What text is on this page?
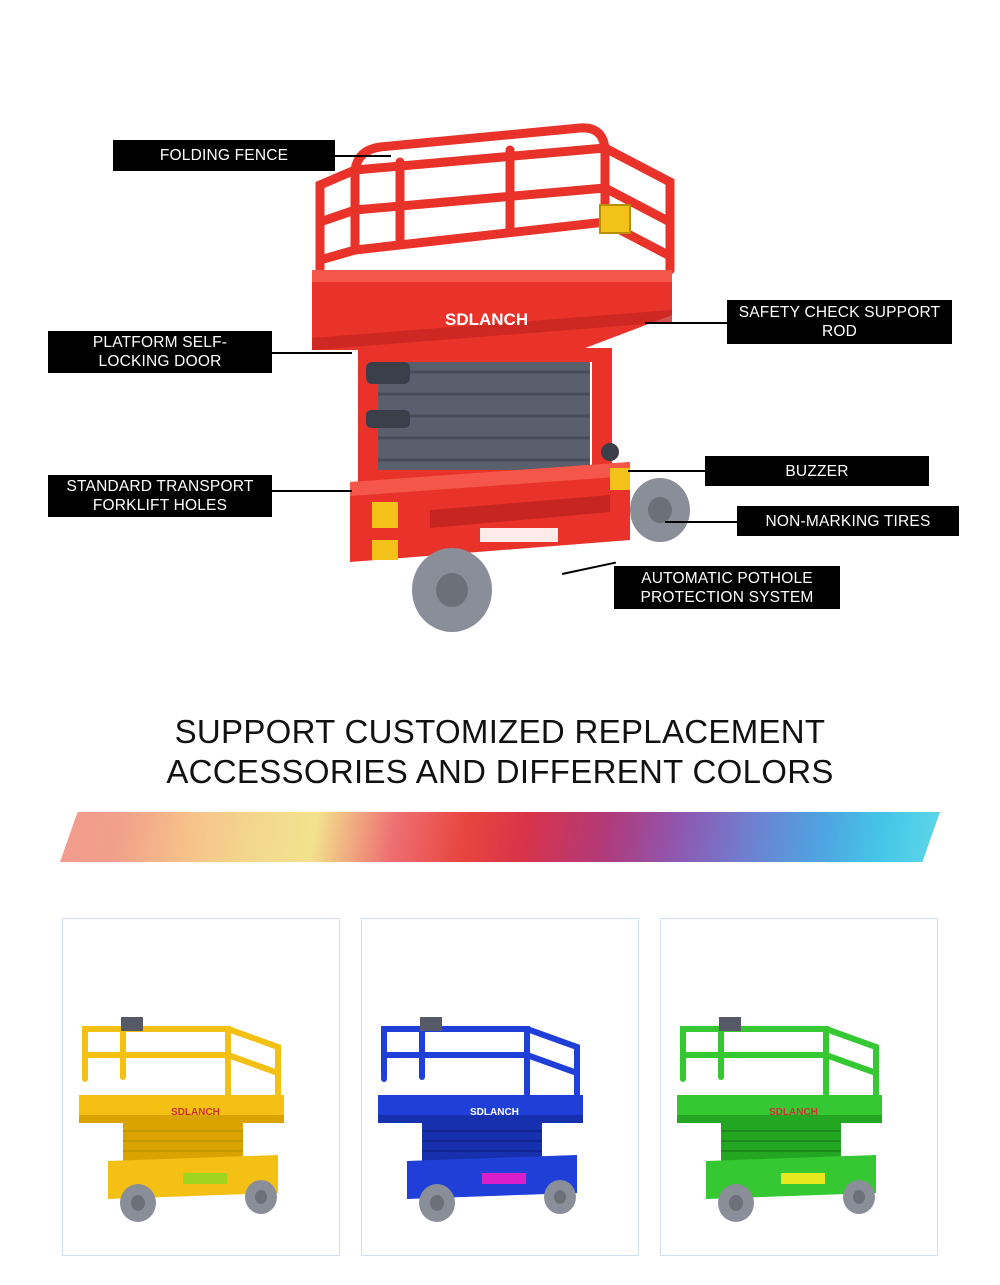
SDLANCH
FOLDING FENCE
PLATFORM SELF-LOCKING DOOR
SAFETY CHECK SUPPORT ROD
STANDARD TRANSPORT FORKLIFT HOLES
BUZZER
NON-MARKING TIRES
AUTOMATIC POTHOLE PROTECTION SYSTEM
SUPPORT CUSTOMIZED REPLACEMENT
ACCESSORIES AND DIFFERENT COLORS
SDLANCH	SDLANCH	SDLANCH
